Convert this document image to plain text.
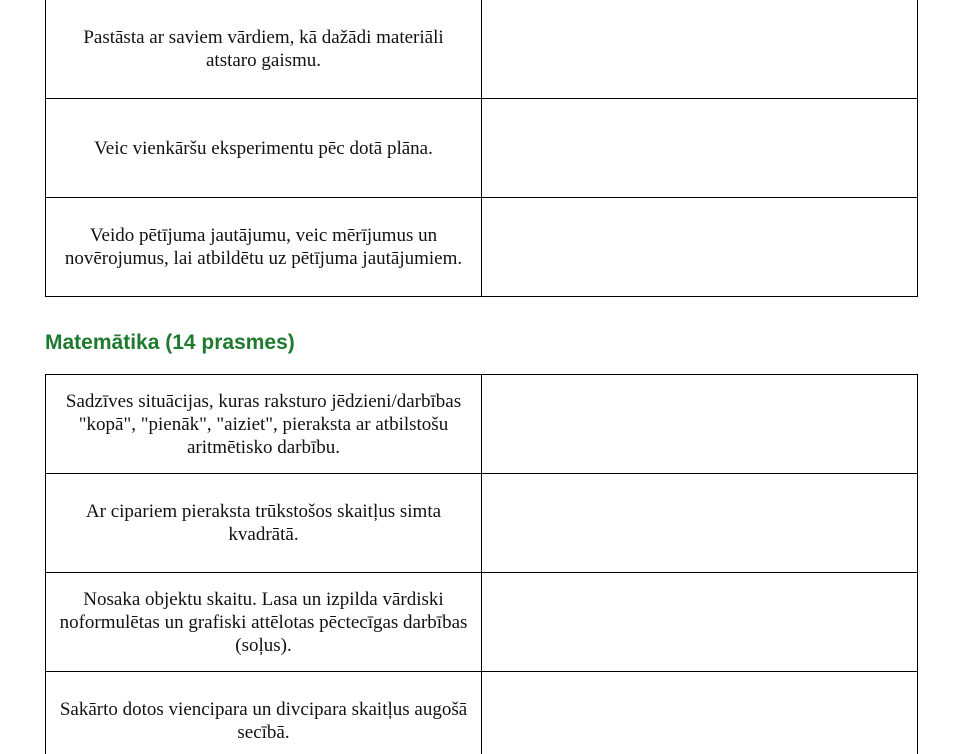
Pastāsta ar saviem vārdiem, kā dažādi materiāli atstaro gaismu.	
Veic vienkāršu eksperimentu pēc dotā plāna.	
Veido pētījuma jautājumu, veic mērījumus un novērojumus, lai atbildētu uz pētījuma jautājumiem.	
Matemātika (14 prasmes)
Sadzīves situācijas, kuras raksturo jēdzieni/darbības "kopā", "pienāk", "aiziet", pieraksta ar atbilstošu aritmētisko darbību.	
Ar cipariem pieraksta trūkstošos skaitļus simta kvadrātā.	
Nosaka objektu skaitu. Lasa un izpilda vārdiski noformulētas un grafiski attēlotas pēctecīgas darbības (soļus).	
Sakārto dotos viencipara un divcipara skaitļus augošā secībā.	
